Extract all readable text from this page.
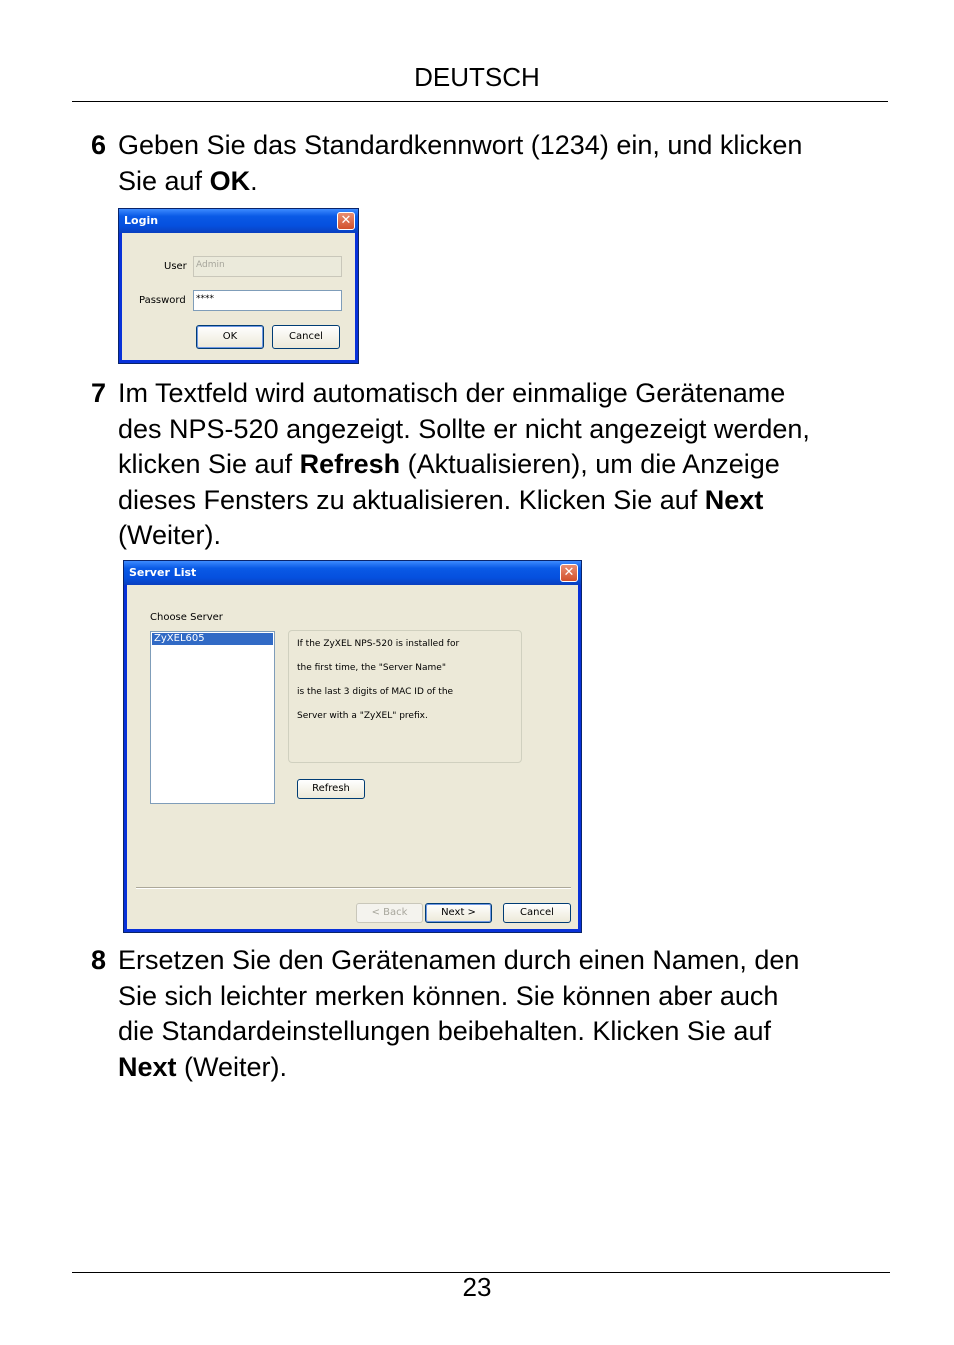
DEUTSCH
6 Geben Sie das Standardkennwort (1234) ein, und klicken
Sie auf OK.
Login	✕
User	Admin
Password	****
OK	Cancel
7 Im Textfeld wird automatisch der einmalige Gerätename
des NPS-520 angezeigt. Sollte er nicht angezeigt werden,
klicken Sie auf Refresh (Aktualisieren), um die Anzeige
dieses Fensters zu aktualisieren. Klicken Sie auf Next
(Weiter).
Server List	✕
Choose Server
ZyXEL605	If the ZyXEL NPS-520 is installed for
the first time, the "Server Name"
is the last 3 digits of MAC ID of the
Server with a "ZyXEL" prefix.
Refresh
< Back	Next >	Cancel
8 Ersetzen Sie den Gerätenamen durch einen Namen, den
Sie sich leichter merken können. Sie können aber auch
die Standardeinstellungen beibehalten. Klicken Sie auf
Next (Weiter).
23
